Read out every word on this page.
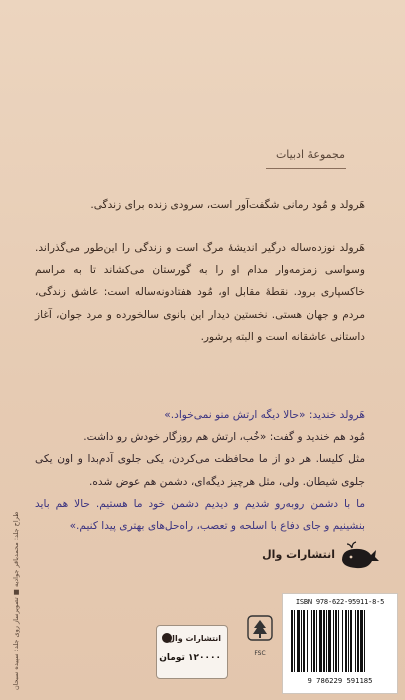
مجموعهٔ ادبیات
هَرولد و مُود رمانی شگفت‌آور است، سرودی زنده برای زندگی.
هَرولد نوزده‌ساله درگیر اندیشهٔ مرگ است و زندگی را این‌طور می‌گذراند. وسواسی زمزمه‌وار مدام او را به گورستان می‌کشاند تا به مراسم خاکسپاری برود. نقطهٔ مقابل او، مُود هفتادونه‌ساله است: عاشق زندگی، مردم و جهان هستی. نخستین دیدار این بانوی سالخورده و مرد جوان، آغاز داستانی عاشقانه است و البته پرشور.
هَرولد خندید: «حالا دیگه ارتش منو نمی‌خواد.»
مُود هم خندید و گفت: «خُب، ارتش هم روزگار خودش رو داشت.
مثل کلیسا. هر دو از ما محافظت می‌کردن، یکی جلوی آدم‌بدا و اون یکی جلوی شیطان. ولی، مثل هرچیز دیگه‌ای، دشمن هم عوض شده.
ما با دشمن روبه‌رو شدیم و دیدیم دشمن خود ما هستیم. حالا هم باید بنشینیم و جای دفاع با اسلحه و تعصب، راه‌حل‌های بهتری پیدا کنیم.»
طراح جلد: محمدباقر جوادیه ■ تصویرساز روی جلد: سپیده سبحان	انتشارات وال
FSC
انتشارات وال
۱۲۰۰۰۰ تومان
ISBN 978-622-95911-8-5
9 786229 591185
